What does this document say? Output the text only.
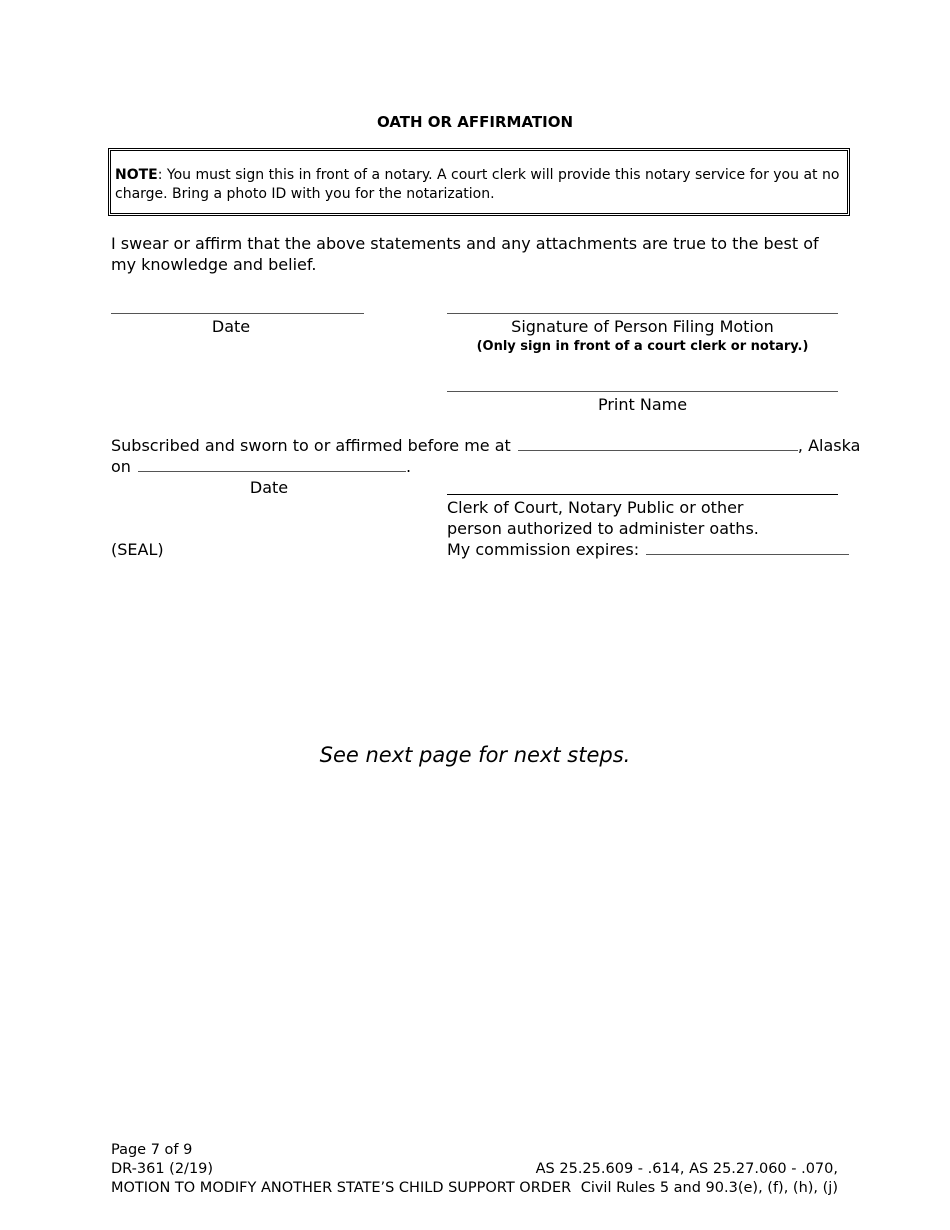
OATH OR AFFIRMATION
NOTE: You must sign this in front of a notary. A court clerk will provide this notary service for you at no charge. Bring a photo ID with you for the notarization.
I swear or affirm that the above statements and any attachments are true to the best of my knowledge and belief.
Date	Signature of Person Filing Motion
(Only sign in front of a court clerk or notary.)
Print Name
Subscribed and sworn to or affirmed before me at	, Alaska
on	.
Date
Clerk of Court, Notary Public or other
person authorized to administer oaths.
My commission expires:
(SEAL)
See next page for next steps.
Page 7 of 9
DR-361 (2/19)
MOTION TO MODIFY ANOTHER STATE’S CHILD SUPPORT ORDER
AS 25.25.609 - .614, AS 25.27.060 - .070,
Civil Rules 5 and 90.3(e), (f), (h), (j)
